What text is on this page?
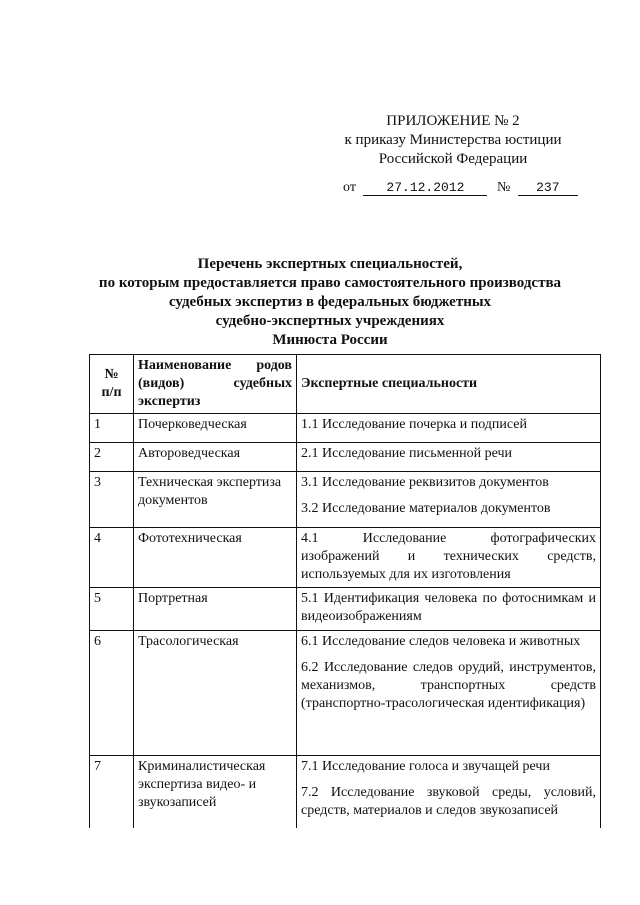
ПРИЛОЖЕНИЕ № 2
к приказу Министерства юстиции
Российской Федерации
от 27.12.2012 № 237
Перечень экспертных специальностей,
по которым предоставляется право самостоятельного производства
судебных экспертиз в федеральных бюджетных
судебно-экспертных учреждениях
Минюста России
№
п/п	Наименование родов (видов) судебных экспертиз	Экспертные специальности
1	Почерковедческая	1.1 Исследование почерка и подписей

2	Автороведческая	2.1 Исследование письменной речи

3	Техническая экспертиза документов	3.1 Исследование реквизитов документов

3.2 Исследование материалов документов

4	Фототехническая	4.1 Исследование фотографических изображений и технических средств, используемых для их изготовления

5	Портретная	5.1 Идентификация человека по фотоснимкам и видеоизображениям

6	Трасологическая	6.1 Исследование следов человека и животных

6.2 Исследование следов орудий, инструментов, механизмов, транспортных средств (транспортно-трасологическая идентификация)

7	Криминалистическая экспертиза видео- и звукозаписей	7.1 Исследование голоса и звучащей речи

7.2 Исследование звуковой среды, условий, средств, материалов и следов звукозаписей
